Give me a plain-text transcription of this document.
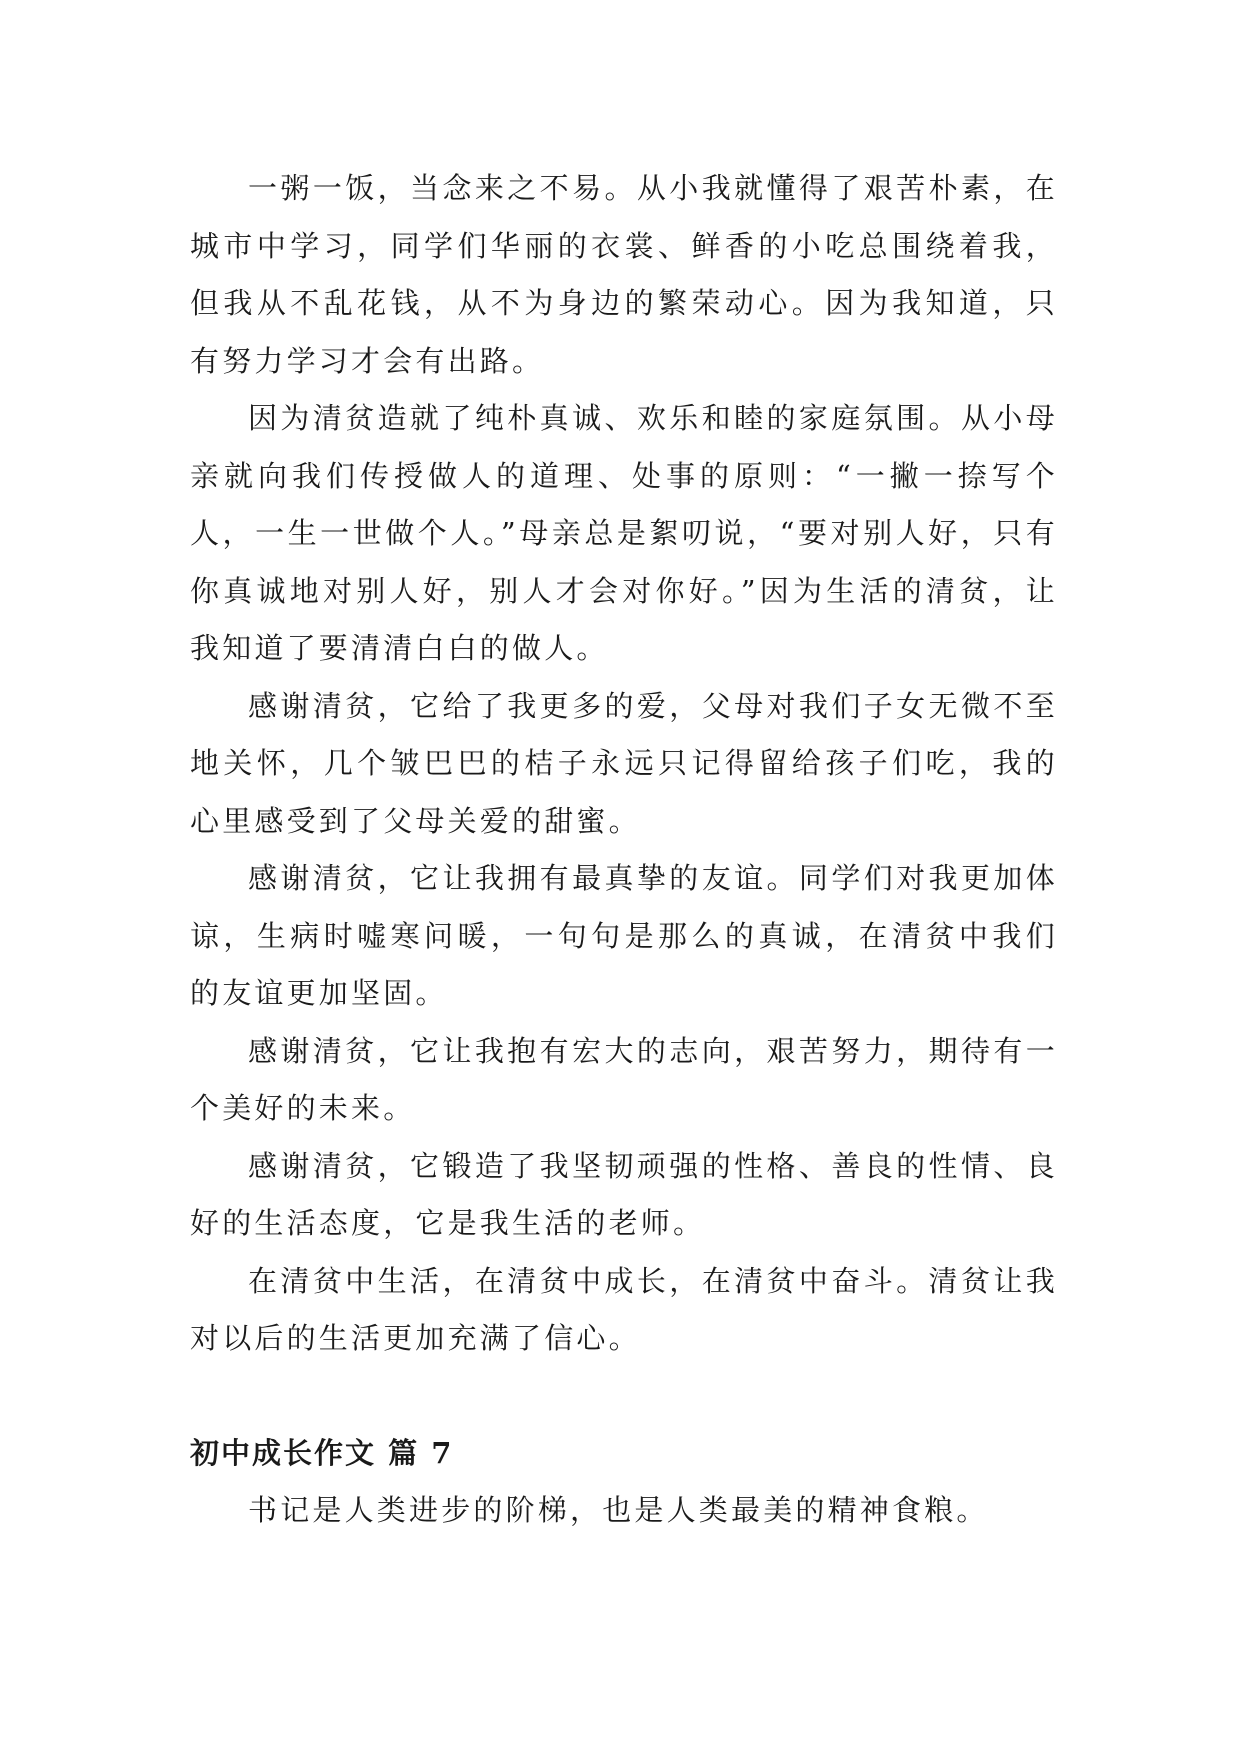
一粥一饭，当念来之不易。从小我就懂得了艰苦朴素，在城市中学习，同学们华丽的衣裳、鲜香的小吃总围绕着我，但我从不乱花钱，从不为身边的繁荣动心。因为我知道，只有努力学习才会有出路。

因为清贫造就了纯朴真诚、欢乐和睦的家庭氛围。从小母亲就向我们传授做人的道理、处事的原则：“一撇一捺写个人，一生一世做个人。”母亲总是絮叨说，“要对别人好，只有你真诚地对别人好，别人才会对你好。”因为生活的清贫，让我知道了要清清白白的做人。

感谢清贫，它给了我更多的爱，父母对我们子女无微不至地关怀，几个皱巴巴的桔子永远只记得留给孩子们吃，我的心里感受到了父母关爱的甜蜜。

感谢清贫，它让我拥有最真挚的友谊。同学们对我更加体谅，生病时嘘寒问暖，一句句是那么的真诚，在清贫中我们的友谊更加坚固。

感谢清贫，它让我抱有宏大的志向，艰苦努力，期待有一个美好的未来。

感谢清贫，它锻造了我坚韧顽强的性格、善良的性情、良好的生活态度，它是我生活的老师。

在清贫中生活，在清贫中成长，在清贫中奋斗。清贫让我对以后的生活更加充满了信心。

初中成长作文 篇 7

书记是人类进步的阶梯，也是人类最美的精神食粮。
